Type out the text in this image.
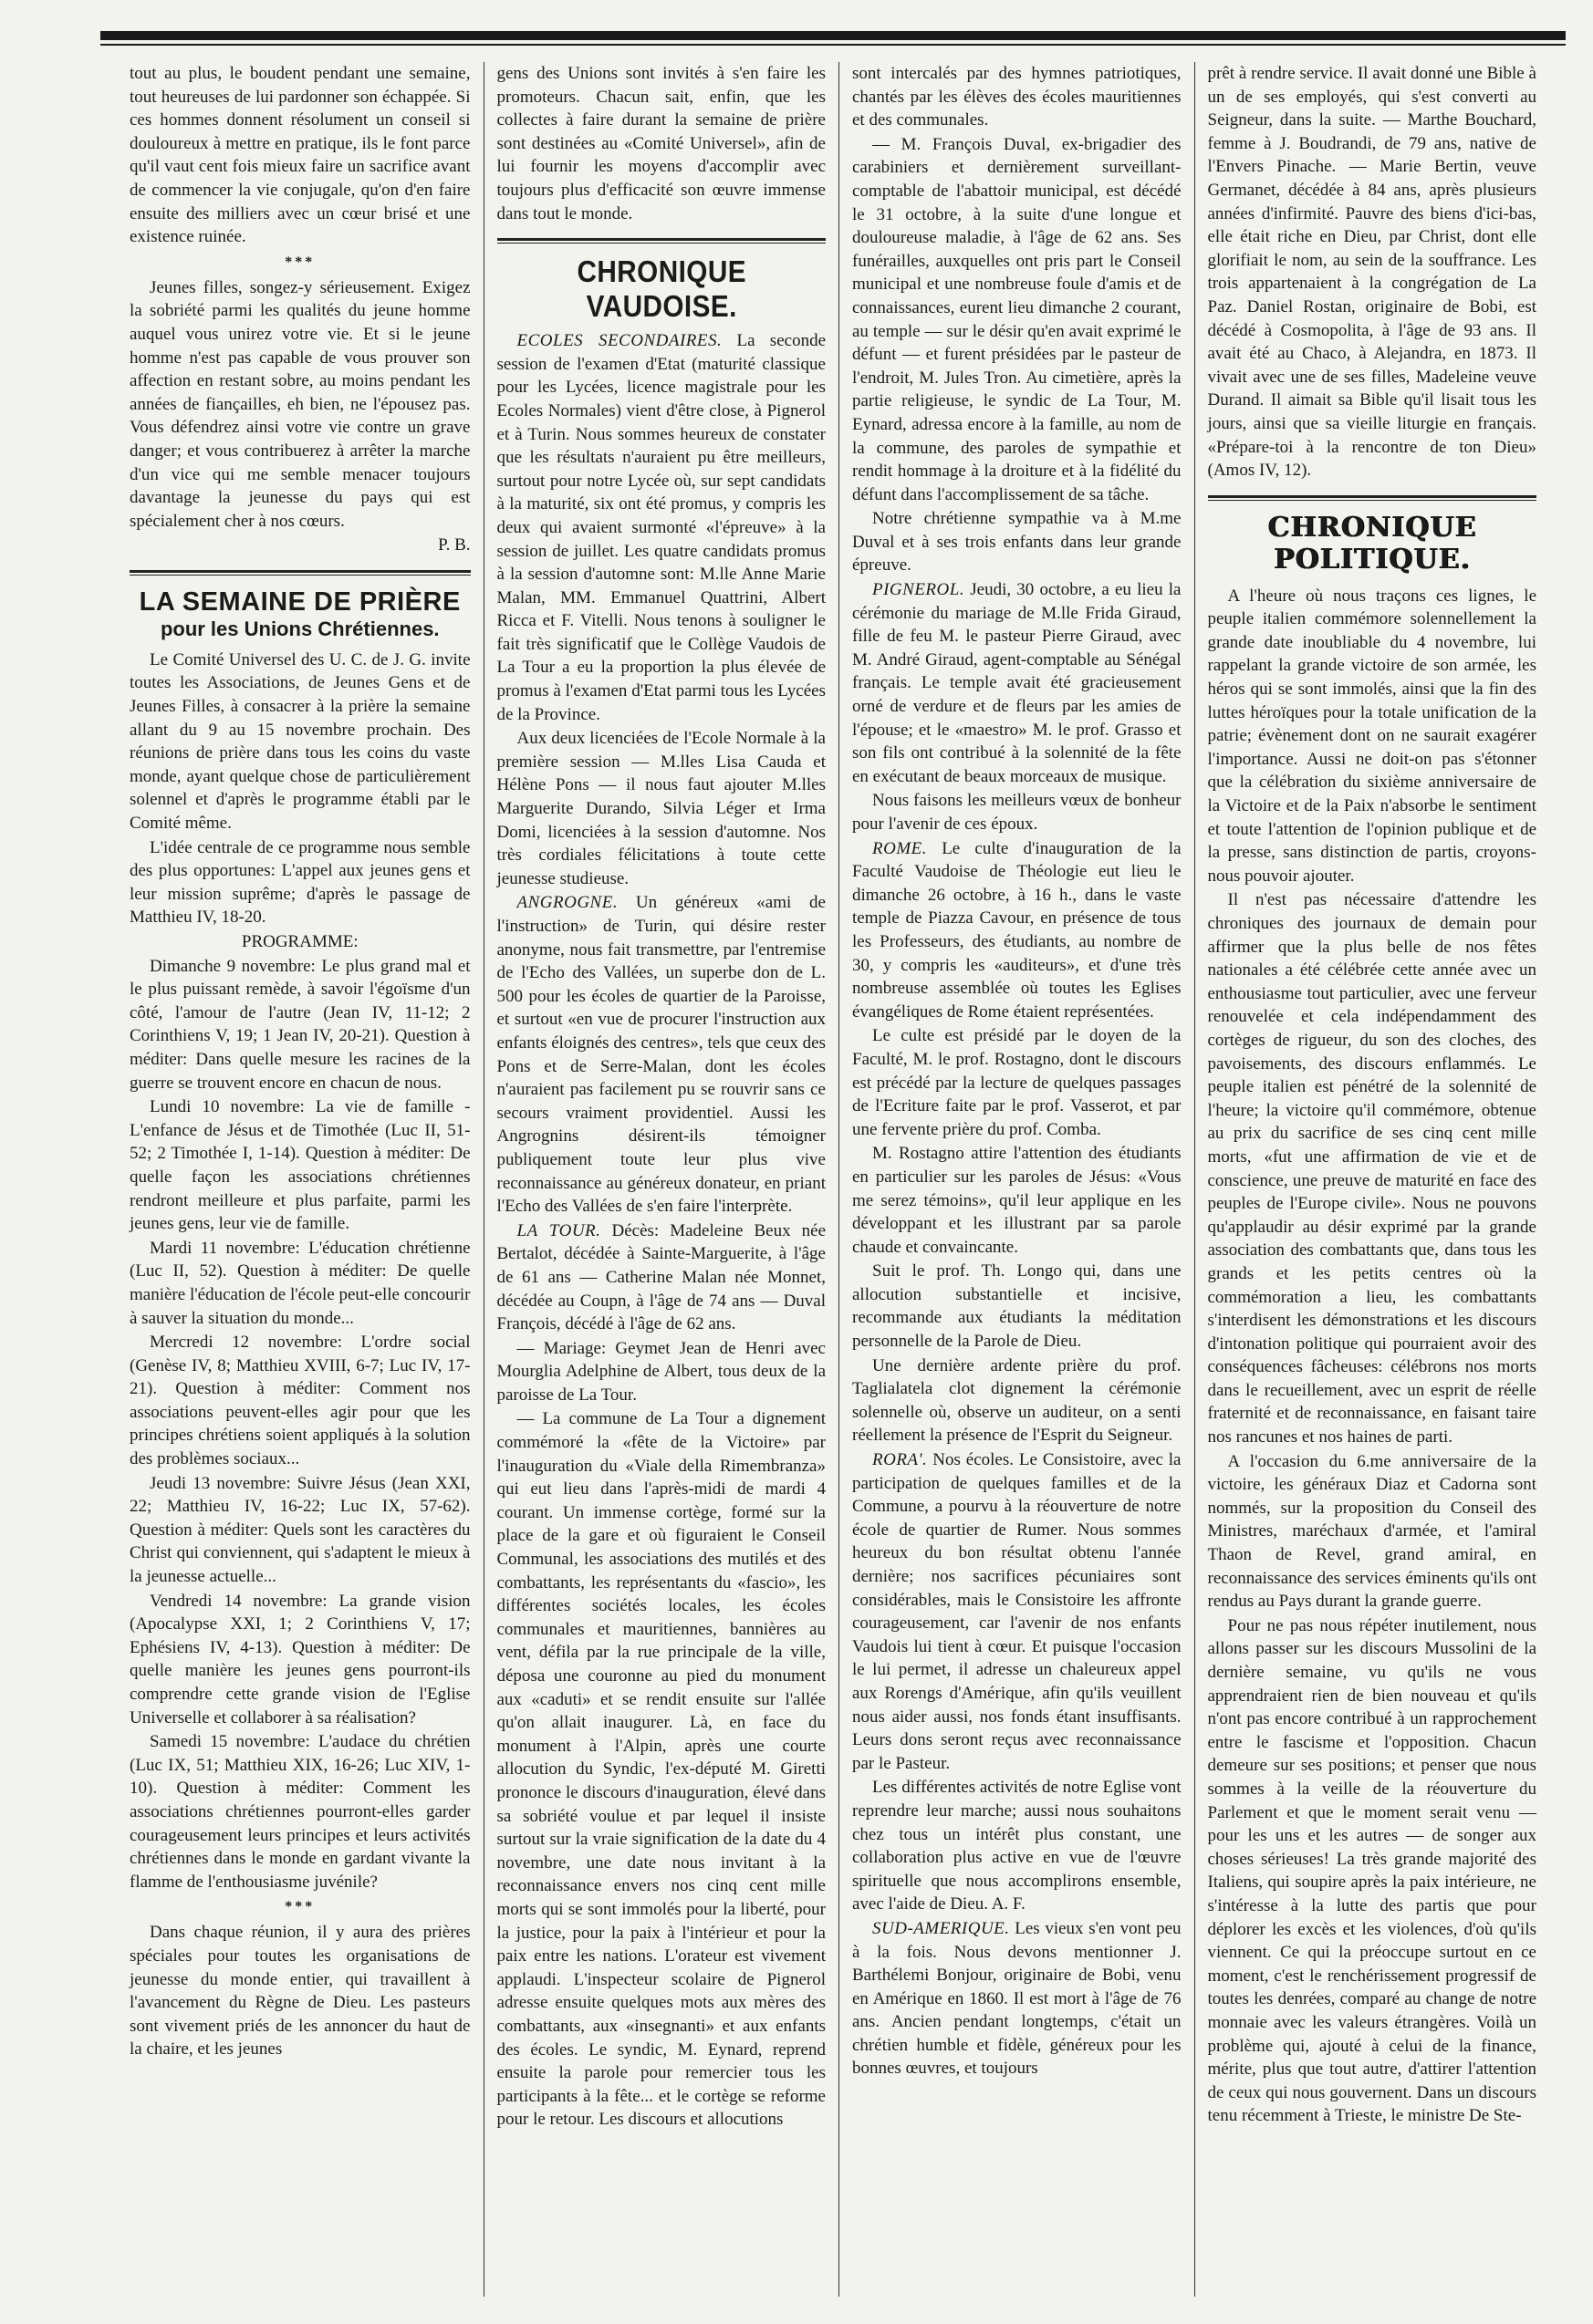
tout au plus, le boudent pendant une semaine, tout heureuses de lui pardonner son échappée. Si ces hommes donnent résolument un conseil si douloureux à mettre en pratique, ils le font parce qu'il vaut cent fois mieux faire un sacrifice avant de commencer la vie conjugale, qu'on d'en faire ensuite des milliers avec un cœur brisé et une existence ruinée.

***

Jeunes filles, songez-y sérieusement. Exigez la sobriété parmi les qualités du jeune homme auquel vous unirez votre vie. Et si le jeune homme n'est pas capable de vous prouver son affection en restant sobre, au moins pendant les années de fiançailles, eh bien, ne l'épousez pas. Vous défendrez ainsi votre vie contre un grave danger; et vous contribuerez à arrêter la marche d'un vice qui me semble menacer toujours davantage la jeunesse du pays qui est spécialement cher à nos cœurs.

P. B.

LA SEMAINE DE PRIÈRE
pour les Unions Chrétiennes.

Le Comité Universel des U. C. de J. G. invite toutes les Associations, de Jeunes Gens et de Jeunes Filles, à consacrer à la prière la semaine allant du 9 au 15 novembre prochain. Des réunions de prière dans tous les coins du vaste monde, ayant quelque chose de particulièrement solennel et d'après le programme établi par le Comité même.

L'idée centrale de ce programme nous semble des plus opportunes: L'appel aux jeunes gens et leur mission suprême; d'après le passage de Matthieu IV, 18-20.

PROGRAMME:

Dimanche 9 novembre: Le plus grand mal et le plus puissant remède, à savoir l'égoïsme d'un côté, l'amour de l'autre (Jean IV, 11-12; 2 Corinthiens V, 19; 1 Jean IV, 20-21). Question à méditer: Dans quelle mesure les racines de la guerre se trouvent encore en chacun de nous.

Lundi 10 novembre: La vie de famille - L'enfance de Jésus et de Timothée (Luc II, 51-52; 2 Timothée I, 1-14). Question à méditer: De quelle façon les associations chrétiennes rendront meilleure et plus parfaite, parmi les jeunes gens, leur vie de famille.

Mardi 11 novembre: L'éducation chrétienne (Luc II, 52). Question à méditer: De quelle manière l'éducation de l'école peut-elle concourir à sauver la situation du monde...

Mercredi 12 novembre: L'ordre social (Genèse IV, 8; Matthieu XVIII, 6-7; Luc IV, 17-21). Question à méditer: Comment nos associations peuvent-elles agir pour que les principes chrétiens soient appliqués à la solution des problèmes sociaux...

Jeudi 13 novembre: Suivre Jésus (Jean XXI, 22; Matthieu IV, 16-22; Luc IX, 57-62). Question à méditer: Quels sont les caractères du Christ qui conviennent, qui s'adaptent le mieux à la jeunesse actuelle...

Vendredi 14 novembre: La grande vision (Apocalypse XXI, 1; 2 Corinthiens V, 17; Ephésiens IV, 4-13). Question à méditer: De quelle manière les jeunes gens pourront-ils comprendre cette grande vision de l'Eglise Universelle et collaborer à sa réalisation?

Samedi 15 novembre: L'audace du chrétien (Luc IX, 51; Matthieu XIX, 16-26; Luc XIV, 1-10). Question à méditer: Comment les associations chrétiennes pourront-elles garder courageusement leurs principes et leurs activités chrétiennes dans le monde en gardant vivante la flamme de l'enthousiasme juvénile?

***

Dans chaque réunion, il y aura des prières spéciales pour toutes les organisations de jeunesse du monde entier, qui travaillent à l'avancement du Règne de Dieu. Les pasteurs sont vivement priés de les annoncer du haut de la chaire, et les jeunes

gens des Unions sont invités à s'en faire les promoteurs. Chacun sait, enfin, que les collectes à faire durant la semaine de prière sont destinées au «Comité Universel», afin de lui fournir les moyens d'accomplir avec toujours plus d'efficacité son œuvre immense dans tout le monde.

CHRONIQUE VAUDOISE.

ECOLES SECONDAIRES. La seconde session de l'examen d'Etat (maturité classique pour les Lycées, licence magistrale pour les Ecoles Normales) vient d'être close, à Pignerol et à Turin. Nous sommes heureux de constater que les résultats n'auraient pu être meilleurs, surtout pour notre Lycée où, sur sept candidats à la maturité, six ont été promus, y compris les deux qui avaient surmonté «l'épreuve» à la session de juillet. Les quatre candidats promus à la session d'automne sont: M.lle Anne Marie Malan, MM. Emmanuel Quattrini, Albert Ricca et F. Vitelli. Nous tenons à souligner le fait très significatif que le Collège Vaudois de La Tour a eu la proportion la plus élevée de promus à l'examen d'Etat parmi tous les Lycées de la Province.

Aux deux licenciées de l'Ecole Normale à la première session — M.lles Lisa Cauda et Hélène Pons — il nous faut ajouter M.lles Marguerite Durando, Silvia Léger et Irma Domi, licenciées à la session d'automne. Nos très cordiales félicitations à toute cette jeunesse studieuse.

ANGROGNE. Un généreux «ami de l'instruction» de Turin, qui désire rester anonyme, nous fait transmettre, par l'entremise de l'Echo des Vallées, un superbe don de L. 500 pour les écoles de quartier de la Paroisse, et surtout «en vue de procurer l'instruction aux enfants éloignés des centres», tels que ceux des Pons et de Serre-Malan, dont les écoles n'auraient pas facilement pu se rouvrir sans ce secours vraiment providentiel. Aussi les Angrognins désirent-ils témoigner publiquement toute leur plus vive reconnaissance au généreux donateur, en priant l'Echo des Vallées de s'en faire l'interprète.

LA TOUR. Décès: Madeleine Beux née Bertalot, décédée à Sainte-Marguerite, à l'âge de 61 ans — Catherine Malan née Monnet, décédée au Coupn, à l'âge de 74 ans — Duval François, décédé à l'âge de 62 ans.

— Mariage: Geymet Jean de Henri avec Mourglia Adelphine de Albert, tous deux de la paroisse de La Tour.

— La commune de La Tour a dignement commémoré la «fête de la Victoire» par l'inauguration du «Viale della Rimembranza» qui eut lieu dans l'après-midi de mardi 4 courant. Un immense cortège, formé sur la place de la gare et où figuraient le Conseil Communal, les associations des mutilés et des combattants, les représentants du «fascio», les différentes sociétés locales, les écoles communales et mauritiennes, bannières au vent, défila par la rue principale de la ville, déposa une couronne au pied du monument aux «caduti» et se rendit ensuite sur l'allée qu'on allait inaugurer. Là, en face du monument à l'Alpin, après une courte allocution du Syndic, l'ex-député M. Giretti prononce le discours d'inauguration, élevé dans sa sobriété voulue et par lequel il insiste surtout sur la vraie signification de la date du 4 novembre, une date nous invitant à la reconnaissance envers nos cinq cent mille morts qui se sont immolés pour la liberté, pour la justice, pour la paix à l'intérieur et pour la paix entre les nations. L'orateur est vivement applaudi. L'inspecteur scolaire de Pignerol adresse ensuite quelques mots aux mères des combattants, aux «insegnanti» et aux enfants des écoles. Le syndic, M. Eynard, reprend ensuite la parole pour remercier tous les participants à la fête... et le cortège se reforme pour le retour. Les discours et allocutions

sont intercalés par des hymnes patriotiques, chantés par les élèves des écoles mauritiennes et des communales.

— M. François Duval, ex-brigadier des carabiniers et dernièrement surveillant-comptable de l'abattoir municipal, est décédé le 31 octobre, à la suite d'une longue et douloureuse maladie, à l'âge de 62 ans. Ses funérailles, auxquelles ont pris part le Conseil municipal et une nombreuse foule d'amis et de connaissances, eurent lieu dimanche 2 courant, au temple — sur le désir qu'en avait exprimé le défunt — et furent présidées par le pasteur de l'endroit, M. Jules Tron. Au cimetière, après la partie religieuse, le syndic de La Tour, M. Eynard, adressa encore à la famille, au nom de la commune, des paroles de sympathie et rendit hommage à la droiture et à la fidélité du défunt dans l'accomplissement de sa tâche.

Notre chrétienne sympathie va à M.me Duval et à ses trois enfants dans leur grande épreuve.

PIGNEROL. Jeudi, 30 octobre, a eu lieu la cérémonie du mariage de M.lle Frida Giraud, fille de feu M. le pasteur Pierre Giraud, avec M. André Giraud, agent-comptable au Sénégal français. Le temple avait été gracieusement orné de verdure et de fleurs par les amies de l'épouse; et le «maestro» M. le prof. Grasso et son fils ont contribué à la solennité de la fête en exécutant de beaux morceaux de musique.

Nous faisons les meilleurs vœux de bonheur pour l'avenir de ces époux.

ROME. Le culte d'inauguration de la Faculté Vaudoise de Théologie eut lieu le dimanche 26 octobre, à 16 h., dans le vaste temple de Piazza Cavour, en présence de tous les Professeurs, des étudiants, au nombre de 30, y compris les «auditeurs», et d'une très nombreuse assemblée où toutes les Eglises évangéliques de Rome étaient représentées.

Le culte est présidé par le doyen de la Faculté, M. le prof. Rostagno, dont le discours est précédé par la lecture de quelques passages de l'Ecriture faite par le prof. Vasserot, et par une fervente prière du prof. Comba.

M. Rostagno attire l'attention des étudiants en particulier sur les paroles de Jésus: «Vous me serez témoins», qu'il leur applique en les développant et les illustrant par sa parole chaude et convaincante.

Suit le prof. Th. Longo qui, dans une allocution substantielle et incisive, recommande aux étudiants la méditation personnelle de la Parole de Dieu.

Une dernière ardente prière du prof. Taglialatela clot dignement la cérémonie solennelle où, observe un auditeur, on a senti réellement la présence de l'Esprit du Seigneur.

RORA'. Nos écoles. Le Consistoire, avec la participation de quelques familles et de la Commune, a pourvu à la réouverture de notre école de quartier de Rumer. Nous sommes heureux du bon résultat obtenu l'année dernière; nos sacrifices pécuniaires sont considérables, mais le Consistoire les affronte courageusement, car l'avenir de nos enfants Vaudois lui tient à cœur. Et puisque l'occasion le lui permet, il adresse un chaleureux appel aux Rorengs d'Amérique, afin qu'ils veuillent nous aider aussi, nos fonds étant insuffisants. Leurs dons seront reçus avec reconnaissance par le Pasteur.

Les différentes activités de notre Eglise vont reprendre leur marche; aussi nous souhaitons chez tous un intérêt plus constant, une collaboration plus active en vue de l'œuvre spirituelle que nous accomplirons ensemble, avec l'aide de Dieu. A. F.

SUD-AMERIQUE. Les vieux s'en vont peu à la fois. Nous devons mentionner J. Barthélemi Bonjour, originaire de Bobi, venu en Amérique en 1860. Il est mort à l'âge de 76 ans. Ancien pendant longtemps, c'était un chrétien humble et fidèle, généreux pour les bonnes œuvres, et toujours

prêt à rendre service. Il avait donné une Bible à un de ses employés, qui s'est converti au Seigneur, dans la suite. — Marthe Bouchard, femme à J. Boudrandi, de 79 ans, native de l'Envers Pinache. — Marie Bertin, veuve Germanet, décédée à 84 ans, après plusieurs années d'infirmité. Pauvre des biens d'ici-bas, elle était riche en Dieu, par Christ, dont elle glorifiait le nom, au sein de la souffrance. Les trois appartenaient à la congrégation de La Paz. Daniel Rostan, originaire de Bobi, est décédé à Cosmopolita, à l'âge de 93 ans. Il avait été au Chaco, à Alejandra, en 1873. Il vivait avec une de ses filles, Madeleine veuve Durand. Il aimait sa Bible qu'il lisait tous les jours, ainsi que sa vieille liturgie en français. «Prépare-toi à la rencontre de ton Dieu» (Amos IV, 12).

CHRONIQUE POLITIQUE.

A l'heure où nous traçons ces lignes, le peuple italien commémore solennellement la grande date inoubliable du 4 novembre, lui rappelant la grande victoire de son armée, les héros qui se sont immolés, ainsi que la fin des luttes héroïques pour la totale unification de la patrie; évènement dont on ne saurait exagérer l'importance. Aussi ne doit-on pas s'étonner que la célébration du sixième anniversaire de la Victoire et de la Paix n'absorbe le sentiment et toute l'attention de l'opinion publique et de la presse, sans distinction de partis, croyons-nous pouvoir ajouter.

Il n'est pas nécessaire d'attendre les chroniques des journaux de demain pour affirmer que la plus belle de nos fêtes nationales a été célébrée cette année avec un enthousiasme tout particulier, avec une ferveur renouvelée et cela indépendamment des cortèges de rigueur, du son des cloches, des pavoisements, des discours enflammés. Le peuple italien est pénétré de la solennité de l'heure; la victoire qu'il commémore, obtenue au prix du sacrifice de ses cinq cent mille morts, «fut une affirmation de vie et de conscience, une preuve de maturité en face des peuples de l'Europe civile». Nous ne pouvons qu'applaudir au désir exprimé par la grande association des combattants que, dans tous les grands et les petits centres où la commémoration a lieu, les combattants s'interdisent les démonstrations et les discours d'intonation politique qui pourraient avoir des conséquences fâcheuses: célébrons nos morts dans le recueillement, avec un esprit de réelle fraternité et de reconnaissance, en faisant taire nos rancunes et nos haines de parti.

A l'occasion du 6.me anniversaire de la victoire, les généraux Diaz et Cadorna sont nommés, sur la proposition du Conseil des Ministres, maréchaux d'armée, et l'amiral Thaon de Revel, grand amiral, en reconnaissance des services éminents qu'ils ont rendus au Pays durant la grande guerre.

Pour ne pas nous répéter inutilement, nous allons passer sur les discours Mussolini de la dernière semaine, vu qu'ils ne vous apprendraient rien de bien nouveau et qu'ils n'ont pas encore contribué à un rapprochement entre le fascisme et l'opposition. Chacun demeure sur ses positions; et penser que nous sommes à la veille de la réouverture du Parlement et que le moment serait venu — pour les uns et les autres — de songer aux choses sérieuses! La très grande majorité des Italiens, qui soupire après la paix intérieure, ne s'intéresse à la lutte des partis que pour déplorer les excès et les violences, d'où qu'ils viennent. Ce qui la préoccupe surtout en ce moment, c'est le renchérissement progressif de toutes les denrées, comparé au change de notre monnaie avec les valeurs étrangères. Voilà un problème qui, ajouté à celui de la finance, mérite, plus que tout autre, d'attirer l'attention de ceux qui nous gouvernent. Dans un discours tenu récemment à Trieste, le ministre De Ste-
